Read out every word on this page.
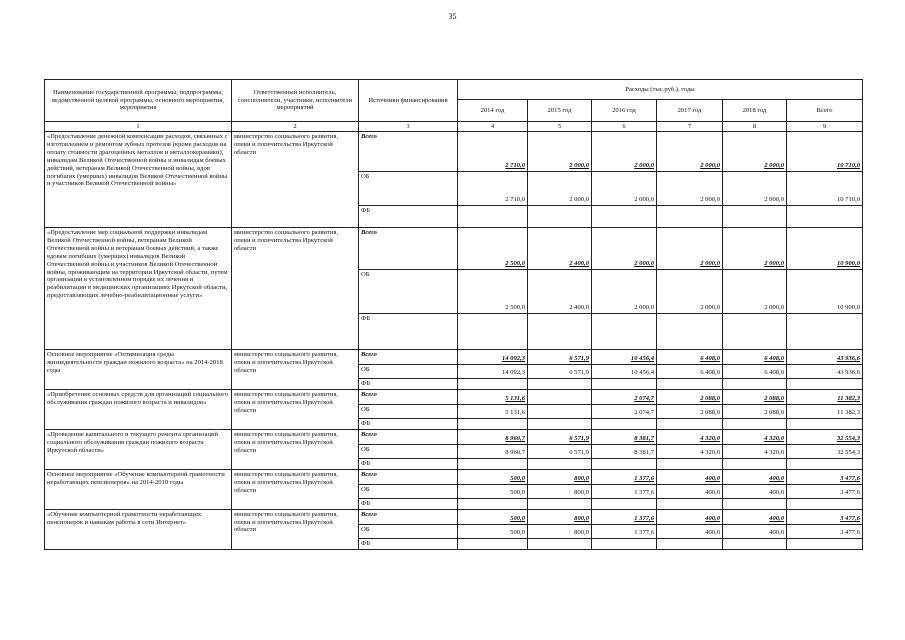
35
Наименование государственной программы, подпрограммы, ведомственной целевой программы, основного мероприятия, мероприятия	Ответственный исполнитель, соисполнители, участники, исполнители мероприятий	Источники финансирования	Расходы (тыс.руб.), годы					
			2014 год	2015 год	2016 год	2017 год	2018 год	Всего
1	2	3	4	5	6	7	8	9
«Предоставление денежной компенсации расходов, связанных с изготовлением и ремонтом зубных протезов (кроме расходов на оплату стоимости драгоценных металлов и металлокерамики), инвалидам Великой Отечественной войны и инвалидам боевых действий, ветеранам Великой Отечественной войны, вдов погибших (умерших) инвалидов Великой Отечественной войны и участников Великой Отечественной войны»	министерство социального развития, опеки и попечительства Иркутской области	Всего	2 710,0	2 000,0	2 000,0	2 000,0	2 000,0	10 710,0
		ОБ	2 710,0	2 000,0	2 000,0	2 000,0	2 000,0	10 710,0
		ФБ						
«Предоставление мер социальной поддержки инвалидам Великой Отечественной войны, ветеранам Великой Отечественной войны и ветеранам боевых действий, а также вдовам погибших (умерших) инвалидов Великой Отечественной войны и участников Великой Отечественной войны, проживающим на территории Иркутской области, путем организации в установленном порядке их лечения и реабилитации в медицинских организациях Иркутской области, предоставляющих лечебно-реабилитационные услуги»	министерство социального развития, опеки и попечительства Иркутской области	Всего	2 500,0	2 400,0	2 000,0	2 000,0	2 000,0	10 900,0
		ОБ	2 500,0	2 400,0	2 000,0	2 000,0	2 000,0	10 900,0
		ФБ						
Основное мероприятие «Оптимизация среды жизнедеятельности граждан пожилого возраста» на 2014-2018 годы	министерство социального развития, опеки и попечительства Иркутской области	Всего	14 092,3	6 571,9	10 456,4	6 408,0	6 408,0	43 936,6
		ОБ	14 092,3	6 571,9	10 456,4	6 408,0	6 408,0	43 936,6
		ФБ						
«Приобретение основных средств для организаций социального обслуживания граждан пожилого возраста и инвалидов»	министерство социального развития, опеки и попечительства Иркутской области	Всего	5 131,6		2 074,7	2 088,0	2 088,0	11 382,3
		ОБ	5 131,6		2 074,7	2 088,0	2 088,0	11 382,3
		ФБ						
«Проведение капитального и текущего ремонта организаций социального обслуживания граждан пожилого возраста Иркутской области»	министерство социального развития, опеки и попечительства Иркутской области	Всего	8 960,7	6 571,9	8 381,7	4 320,0	4 320,0	32 554,3
		ОБ	8 960,7	6 571,9	8 381,7	4 320,0	4 320,0	32 554,3
		ФБ						
Основное мероприятие «Обучение компьютерной грамотности неработающих пенсионеров» на 2014-2018 годы	министерство социального развития, опеки и попечительства Иркутской области	Всего	500,0	800,0	1 377,6	400,0	400,0	3 477,6
		ОБ	500,0	800,0	1 377,6	400,0	400,0	3 477,6
		ФБ						
«Обучение компьютерной грамотности неработающих пенсионеров и навыкам работы в сети Интернет»	министерство социального развития, опеки и попечительства Иркутской области	Всего	500,0	800,0	1 377,6	400,0	400,0	3 477,6
		ОБ	500,0	800,0	1 377,6	400,0	400,0	3 477,6
		ФБ						
